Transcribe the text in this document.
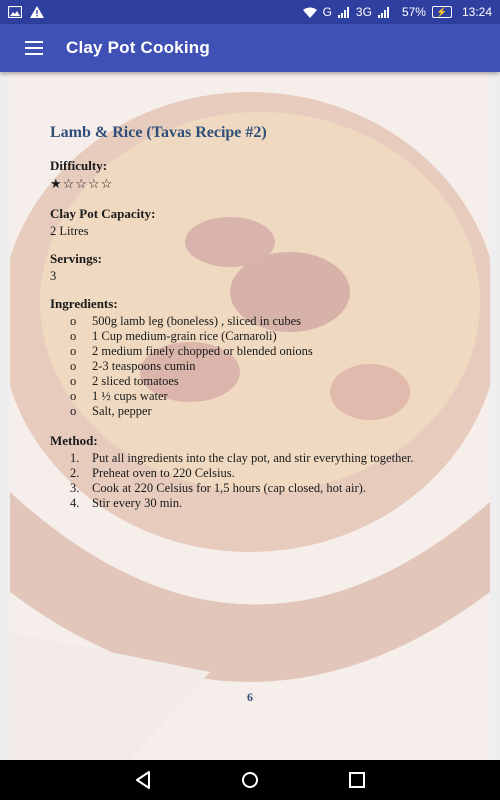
G 3G	57%	⚡	13:24
Clay Pot Cooking

Lamb & Rice (Tavas Recipe #2)

Difficulty:

★☆☆☆☆

Clay Pot Capacity:

2 Litres

Servings:

3

Ingredients:

o	500g lamb leg (boneless) , sliced in cubes
o	1 Cup medium-grain rice (Carnaroli)
o	2 medium finely chopped or blended onions
o	2-3 teaspoons cumin
o	2 sliced tomatoes
o	1 ½ cups water
o	Salt, pepper

Method:

1.	Put all ingredients into the clay pot, and stir everything together.
2.	Preheat oven to 220 Celsius.
3.	Cook at 220 Celsius for 1,5 hours (cap closed, hot air).
4.	Stir every 30 min.
6
